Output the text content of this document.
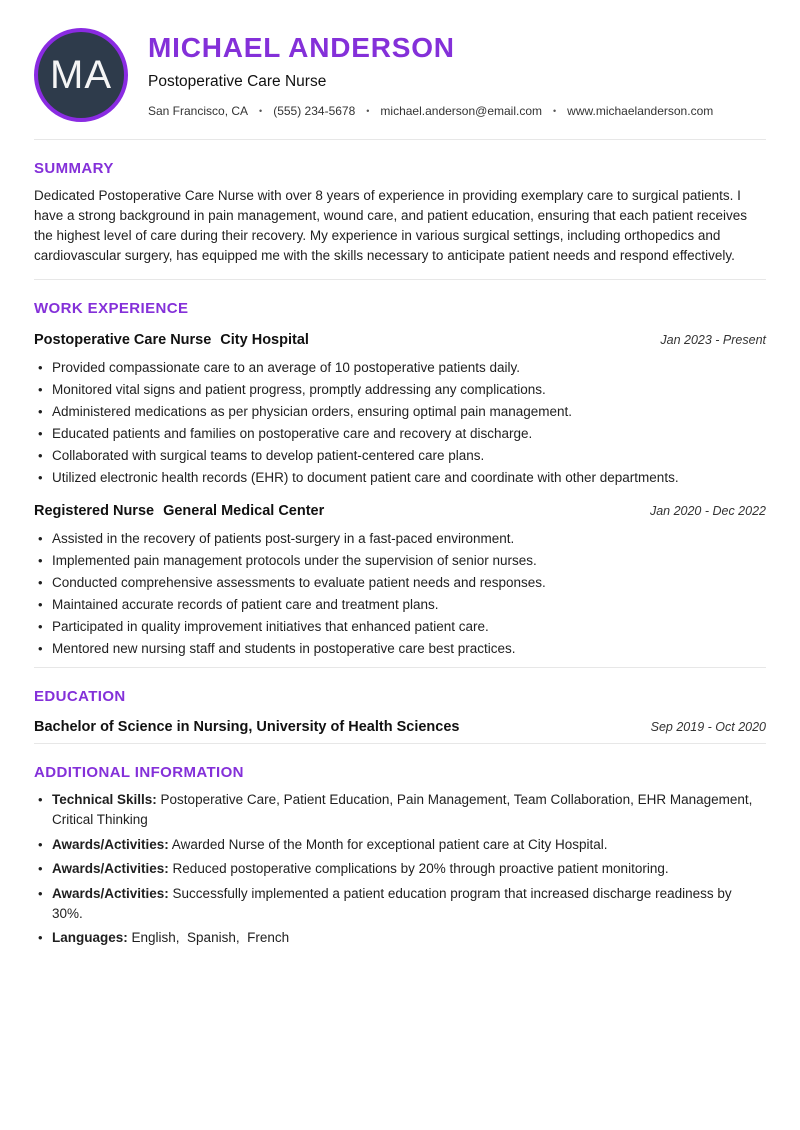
MA
MICHAEL ANDERSON
Postoperative Care Nurse
San Francisco, CA • (555) 234-5678 • michael.anderson@email.com • www.michaelanderson.com
SUMMARY

Dedicated Postoperative Care Nurse with over 8 years of experience in providing exemplary care to surgical patients. I have a strong background in pain management, wound care, and patient education, ensuring that each patient receives the highest level of care during their recovery. My experience in various surgical settings, including orthopedics and cardiovascular surgery, has equipped me with the skills necessary to anticipate patient needs and respond effectively.

WORK EXPERIENCE
Postoperative Care Nurse City Hospital	Jan 2023 - Present
• Provided compassionate care to an average of 10 postoperative patients daily.
• Monitored vital signs and patient progress, promptly addressing any complications.
• Administered medications as per physician orders, ensuring optimal pain management.
• Educated patients and families on postoperative care and recovery at discharge.
• Collaborated with surgical teams to develop patient-centered care plans.
• Utilized electronic health records (EHR) to document patient care and coordinate with other departments.
Registered Nurse General Medical Center	Jan 2020 - Dec 2022
• Assisted in the recovery of patients post-surgery in a fast-paced environment.
• Implemented pain management protocols under the supervision of senior nurses.
• Conducted comprehensive assessments to evaluate patient needs and responses.
• Maintained accurate records of patient care and treatment plans.
• Participated in quality improvement initiatives that enhanced patient care.
• Mentored new nursing staff and students in postoperative care best practices.
EDUCATION
Bachelor of Science in Nursing, University of Health Sciences	Sep 2019 - Oct 2020
ADDITIONAL INFORMATION
• Technical Skills: Postoperative Care, Patient Education, Pain Management, Team Collaboration, EHR Management, Critical Thinking
• Awards/Activities: Awarded Nurse of the Month for exceptional patient care at City Hospital.
• Awards/Activities: Reduced postoperative complications by 20% through proactive patient monitoring.
• Awards/Activities: Successfully implemented a patient education program that increased discharge readiness by 30%.
• Languages: English,  Spanish,  French
